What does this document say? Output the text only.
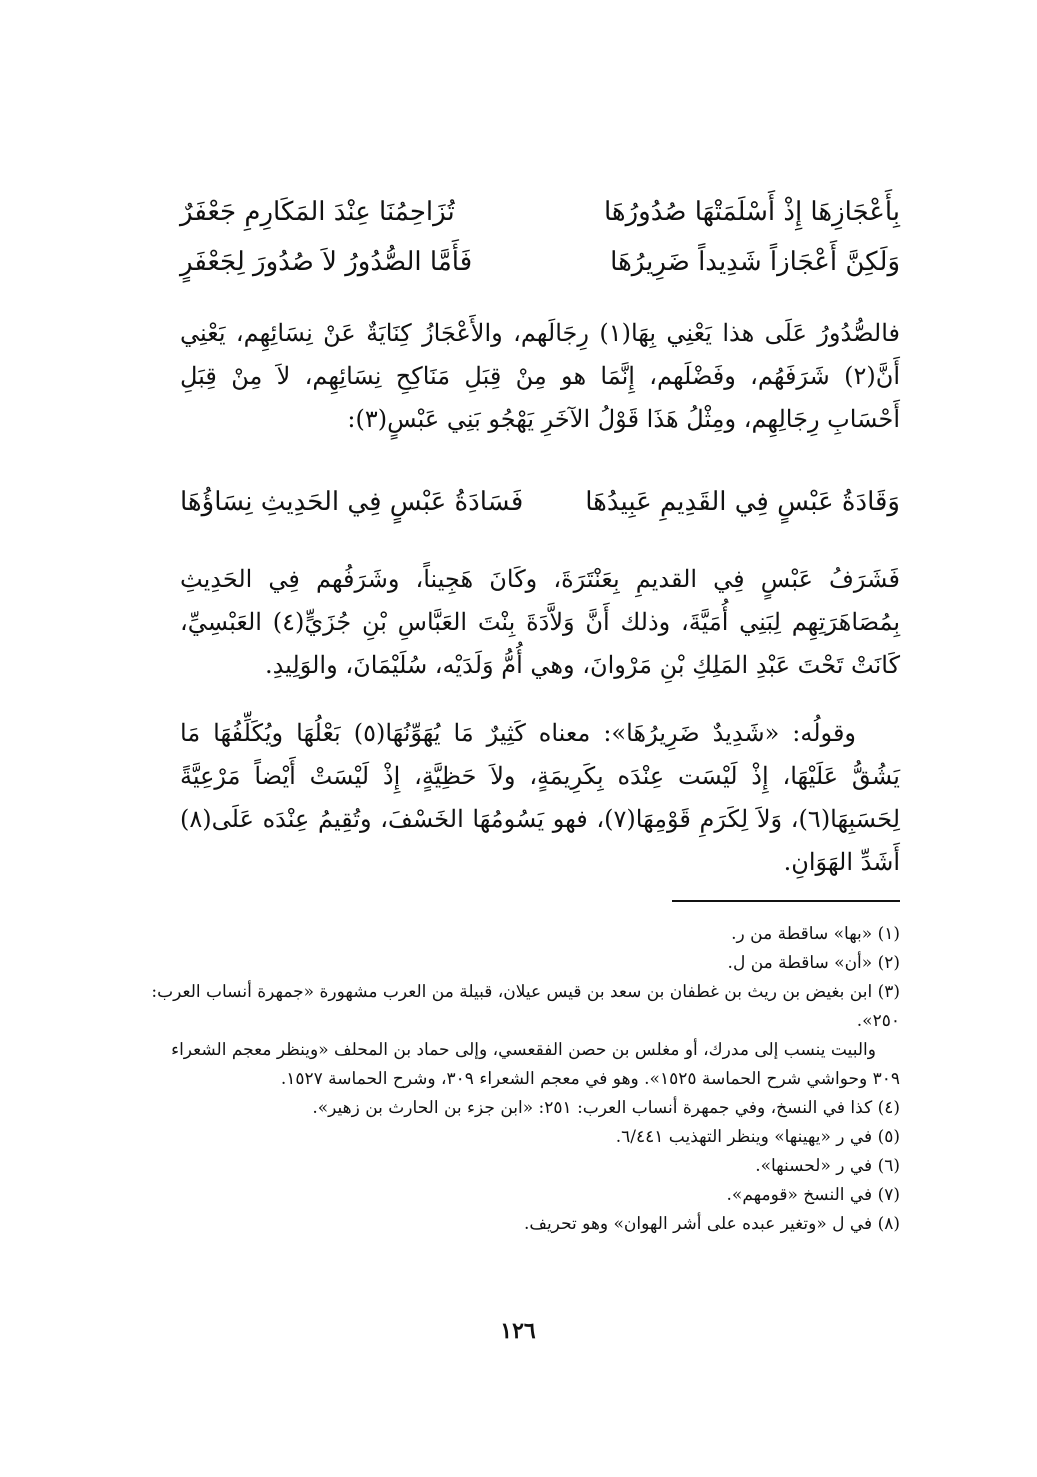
تُزَاحِمُنَا عِنْدَ المَكَارِمِ جَعْفَرٌ	بِأَعْجَازِهَا إِذْ أَسْلَمَتْهَا صُدُورُهَا
فَأَمَّا الصُّدُورُ لاَ صُدُورَ لِجَعْفَرٍ	وَلَكِنَّ أَعْجَازاً شَدِيداً ضَرِيرُهَا

فالصُّدُورُ عَلَى هذا يَعْنِي بِهَا(١) رِجَالَهم، والأَعْجَازُ كِنَايَةٌ عَنْ نِسَائِهِم، يَعْنِي أَنَّ(٢) شَرَفَهُم، وفَضْلَهم، إِنَّمَا هو مِنْ قِبَلِ مَنَاكِحِ نِسَائِهِم، لاَ مِنْ قِبَلِ أَحْسَابِ رِجَالِهِم، ومِثْلُ هَذَا قَوْلُ الآخَرِ يَهْجُو بَنِي عَبْسٍ(٣):

فَسَادَةُ عَبْسٍ فِي الحَدِيثِ نِسَاؤُهَا وَقَادَةُ عَبْسٍ فِي القَدِيمِ عَبِيدُهَا

فَشَرَفُ عَبْسٍ فِي القديمِ بِعَنْتَرَةَ، وكَانَ هَجِيناً، وشَرَفُهم فِي الحَدِيثِ بِمُصَاهَرَتِهِم لِبَنِي أُمَيَّةَ، وذلك أَنَّ وَلاَّدَةَ بِنْتَ العَبَّاسِ بْنِ جُزَيٍّ(٤) العَبْسِيِّ، كَانَتْ تَحْتَ عَبْدِ المَلِكِ بْنِ مَرْوانَ، وهي أُمُّ وَلَدَيْه، سُلَيْمَانَ، والوَلِيدِ.

وقولُه: «شَدِيدٌ ضَرِيرُهَا»: معناه كَثِيرٌ مَا يُهَوِّنُهَا(٥) بَعْلُهَا ويُكَلِّفُهَا مَا يَشُقُّ عَلَيْهَا، إِذْ لَيْسَت عِنْدَه بِكَرِيمَةٍ، ولاَ حَظِيَّةٍ، إِذْ لَيْسَتْ أَيْضاً مَرْعِيَّةً لِحَسَبِهَا(٦)، وَلاَ لِكَرَمِ قَوْمِهَا(٧)، فهو يَسُومُهَا الخَسْفَ، وتُقِيمُ عِنْدَه عَلَى(٨) أَشَدِّ الهَوَانِ.

(١) «بها» ساقطة من ر.

(٢) «أن» ساقطة من ل.

(٣) ابن بغيض بن ريث بن غطفان بن سعد بن قيس عيلان، قبيلة من العرب مشهورة «جمهرة أنساب العرب: ٢٥٠».

والبيت ينسب إلى مدرك، أو مغلس بن حصن الفقعسي، وإلى حماد بن المحلف «وينظر معجم الشعراء ٣٠٩ وحواشي شرح الحماسة ١٥٢٥». وهو في معجم الشعراء ٣٠٩، وشرح الحماسة ١٥٢٧.

(٤) كذا في النسخ، وفي جمهرة أنساب العرب: ٢٥١: «ابن جزء بن الحارث بن زهير».

(٥) في ر «يهينها» وينظر التهذيب ٦/٤٤١.

(٦) في ر «لحسنها».

(٧) في النسخ «قومهم».

(٨) في ل «وتغير عبده على أشر الهوان» وهو تحريف.

١٢٦
